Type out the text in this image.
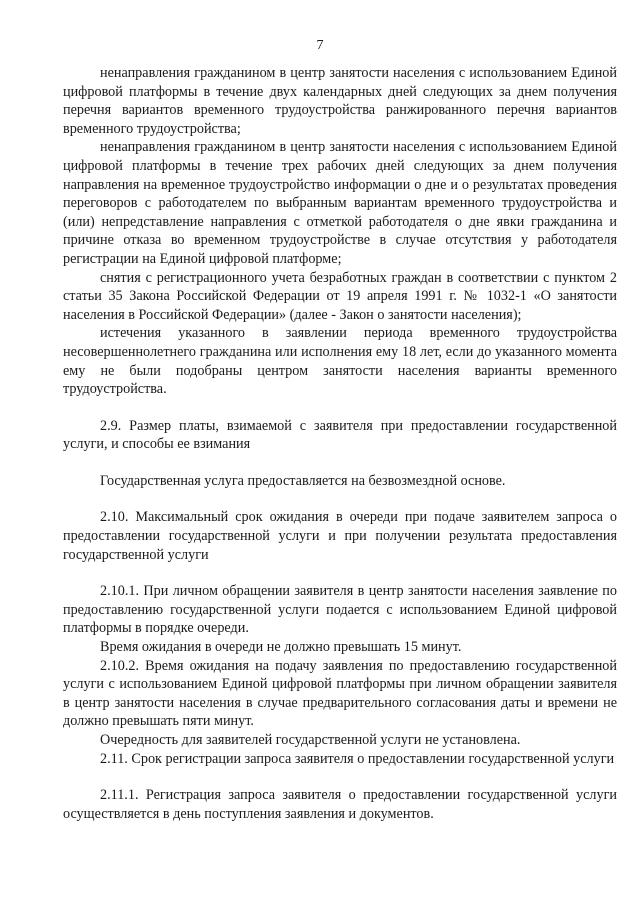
7

ненаправления гражданином в центр занятости населения с использованием Единой цифровой платформы в течение двух календарных дней следующих за днем получения перечня вариантов временного трудоустройства ранжированного перечня вариантов временного трудоустройства;

ненаправления гражданином в центр занятости населения с использованием Единой цифровой платформы в течение трех рабочих дней следующих за днем получения направления на временное трудоустройство информации о дне и о результатах проведения переговоров с работодателем по выбранным вариантам временного трудоустройства и (или) непредставление направления с отметкой работодателя о дне явки гражданина и причине отказа во временном трудоустройстве в случае отсутствия у работодателя регистрации на Единой цифровой платформе;

снятия с регистрационного учета безработных граждан в соответствии с пунктом 2 статьи 35 Закона Российской Федерации от 19 апреля 1991 г. № 1032-1 «О занятости населения в Российской Федерации» (далее - Закон о занятости населения);

истечения указанного в заявлении периода временного трудоустройства несовершеннолетнего гражданина или исполнения ему 18 лет, если до указанного момента ему не были подобраны центром занятости населения варианты временного трудоустройства.

2.9. Размер платы, взимаемой с заявителя при предоставлении государственной услуги, и способы ее взимания

Государственная услуга предоставляется на безвозмездной основе.

2.10. Максимальный срок ожидания в очереди при подаче заявителем запроса о предоставлении государственной услуги и при получении результата предоставления государственной услуги

2.10.1. При личном обращении заявителя в центр занятости населения заявление по предоставлению государственной услуги подается с использованием Единой цифровой платформы в порядке очереди.

Время ожидания в очереди не должно превышать 15 минут.

2.10.2. Время ожидания на подачу заявления по предоставлению государственной услуги с использованием Единой цифровой платформы при личном обращении заявителя в центр занятости населения в случае предварительного согласования даты и времени не должно превышать пяти минут.

Очередность для заявителей государственной услуги не установлена.

2.11. Срок регистрации запроса заявителя о предоставлении государственной услуги

2.11.1. Регистрация запроса заявителя о предоставлении государственной услуги осуществляется в день поступления заявления и документов.
